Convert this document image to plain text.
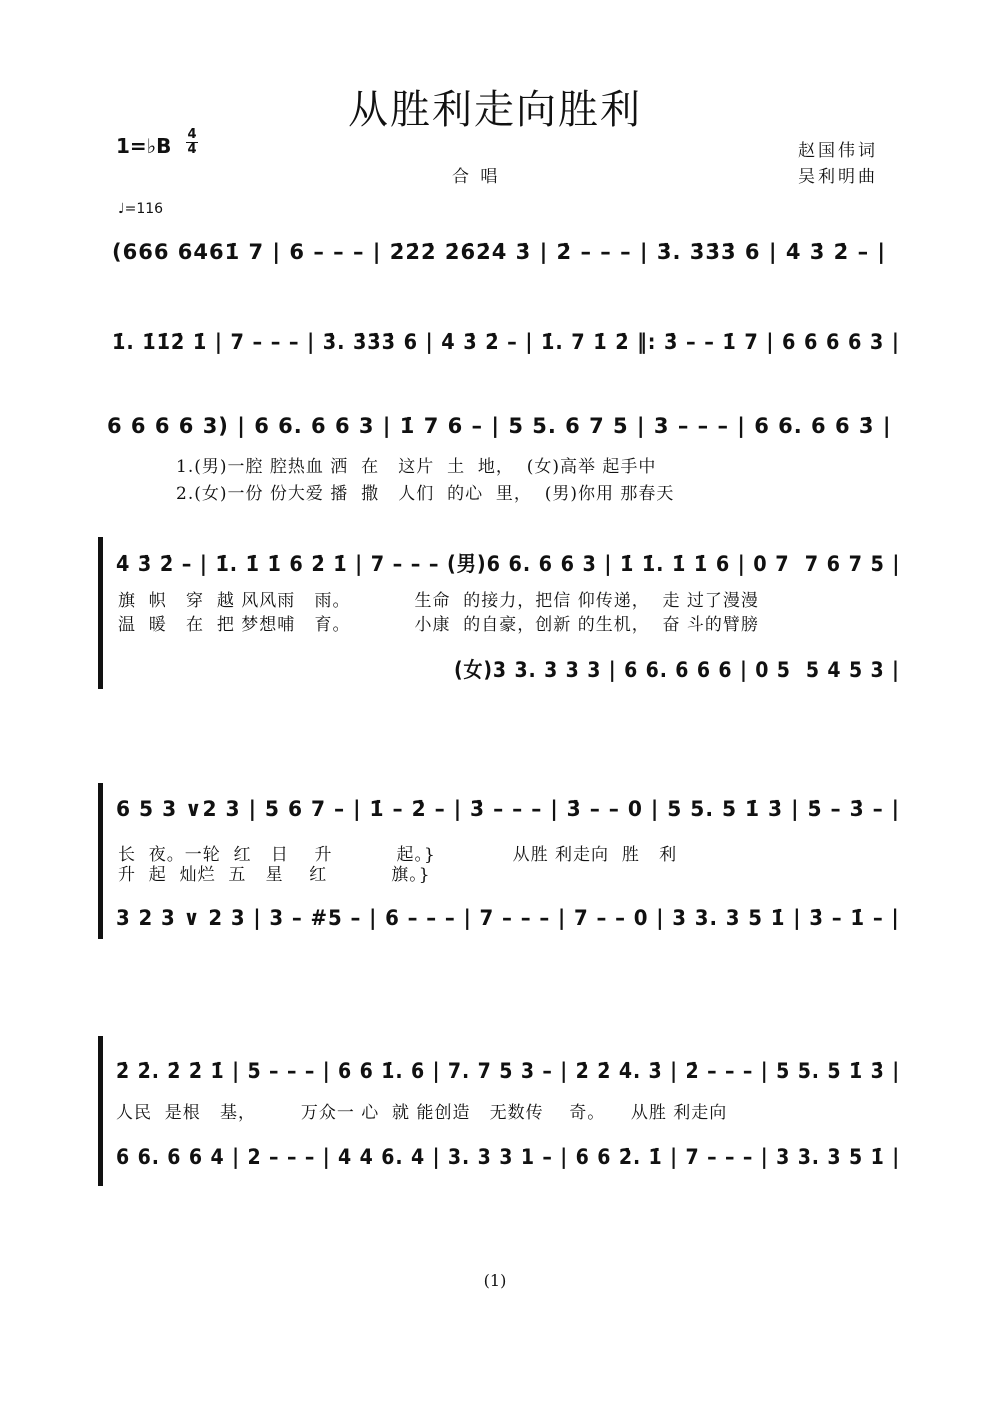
从胜利走向胜利
1=♭B 4
4
合 唱
赵国伟词
吴利明曲
♩=116
(666 6461̇ 7 | 6 – – – | 2̇2̇2̇ 2̇6̇2̇4̇ 3̇ | 2̇ – – – | 3̇. 3̇3̇3̇ 6 | 4̇ 3̇ 2̇ – |
1̇. 1̇1̇2̇ 1̇ | 7 – – – | 3̇. 3̇3̇3̇ 6 | 4̇ 3̇ 2̇ – | 1̇. 7 1̇ 2̇ ‖: 3̇ – – 1̇ 7 | 6 6 6 6 3 |
6 6 6 6 3) | 6 6. 6 6 3 | 1̇ 7 6 – | 5 5. 6 7 5 | 3 – – – | 6 6. 6 6 3̇ |
1.(男)一腔 腔热血 洒  在   这片  土  地，  (女)高举 起手中
2.(女)一份 份大爱 播  撒   人们  的心  里，  (男)你用 那春天
4̇ 3̇ 2̇ – | 1̇. 1̇ 1̇ 6 2̇ 1̇ | 7 – – – (男)6 6. 6 6 3 | 1̇ 1̇. 1̇ 1̇ 6 | 0 7  7 6 7 5 |
旗  帜   穿  越 风风雨   雨。          生命  的接力，把信 仰传递，  走 过了漫漫
温  暖   在  把 梦想哺   育。          小康  的自豪，创新 的生机，  奋 斗的臂膀
(女)3 3. 3 3 3 | 6 6. 6 6 6 | 0 5  5 4 5 3 |
6 5 3 ∨2 3 | 5 6 7 – | 1̇ – 2̇ – | 3̇ – – – | 3̇ – – 0 | 5 5. 5 1̇ 3̇ | 5̇ – 3̇ – |
长  夜。一轮  红   日    升          起。}            从胜 利走向  胜   利
升  起  灿烂  五   星    红          旗。}
3 2 3 ∨ 2 3 | 3 – #5 – | 6 – – – | 7 – – – | 7 – – 0 | 3 3. 3 5 1̇ | 3̇ – 1̇ – |
2̇ 2̇. 2̇ 2̇ 1̇ | 5 – – – | 6 6 1̇. 6 | 7. 7 5 3 – | 2̇ 2̇ 4̇. 3̇ | 2̇ – – – | 5 5. 5 1̇ 3̇ |
人民  是根   基，       万众一 心  就 能创造   无数传    奇。    从胜 利走向
6 6. 6 6 4 | 2 – – – | 4 4 6. 4 | 3. 3 3 1 – | 6 6 2̇. 1̇ | 7 – – – | 3 3. 3 5 1̇ |
(1)
